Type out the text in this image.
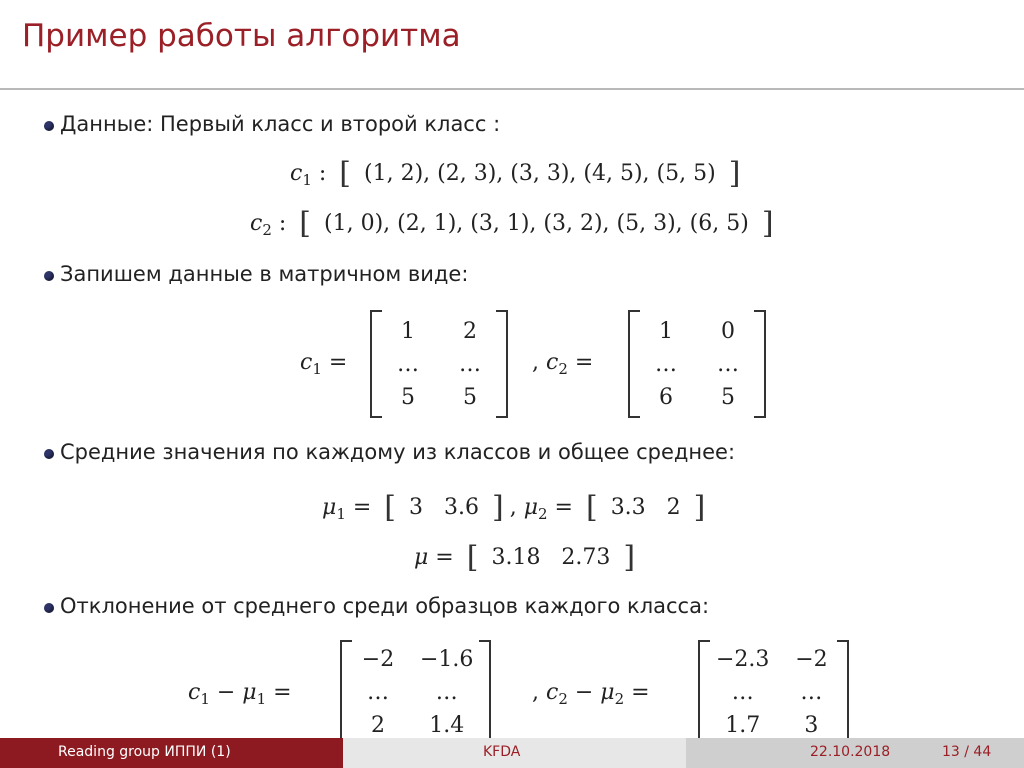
Пример работы алгоритма
Данные: Первый класс и второй класс :
$c_1$ : [ (1, 2), (2, 3), (3, 3), (4, 5), (5, 5) ]
$c_2$ : [ (1, 0), (2, 1), (3, 1), (3, 2), (5, 3), (6, 5) ]
Запишем данные в матричном виде:
$c_1$ =
1	2
…	…
5	5
, $c_2$ =
1	0
…	…
6	5
Средние значения по каждому из классов и общее среднее:
$\mu_1$ = [ 3   3.6 ] , $\mu_2$ = [ 3.3   2 ]
μ = [ 3.18   2.73 ]
Отклонение от среднего среди образцов каждого класса:
$c_1 - \mu_1$ =
−2 −1.6
…	…
2	1.4
, $c_2 - \mu_2$ =
−2.3 −2
…	…
1.7	3
Reading group ИППИ (1)	KFDA	22.10.2018	13 / 44
